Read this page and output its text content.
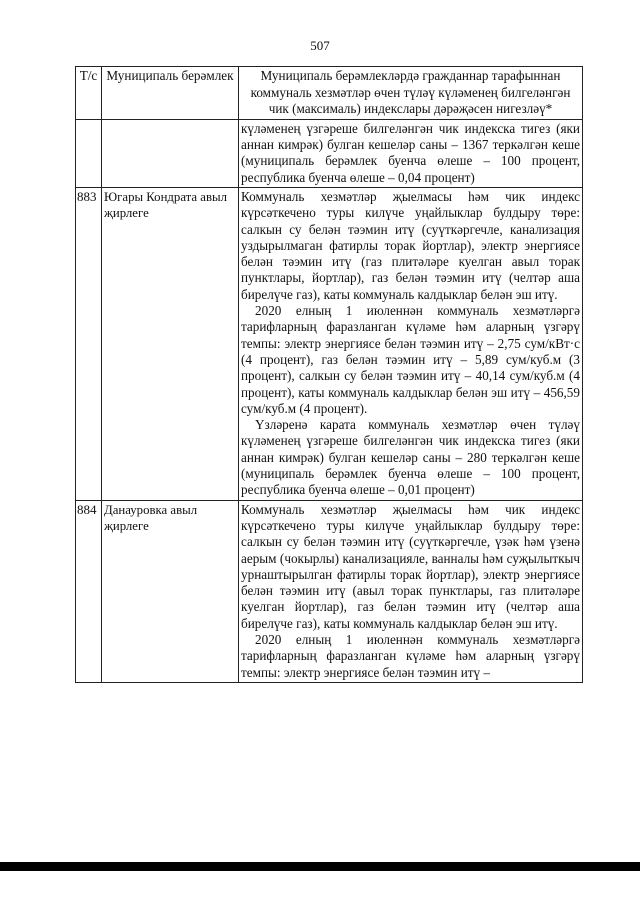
507
Т/с	Муниципаль берәмлек	Муниципаль берәмлекләрдә гражданнар тарафыннан коммуналь хезмәтләр өчен түләү күләменең билгеләнгән чик (максималь) индекслары дәрәҗәсен нигезләү*

		күләменең үзгәреше билгеләнгән чик индекска тигез (яки аннан кимрәк) булган кешеләр саны – 1367 теркәлгән кеше (муниципаль берәмлек буенча өлеше – 100 процент, республика буенча өлеше – 0,04 процент)

883	Югары Кондрата авыл җирлеге	Коммуналь хезмәтләр җыелмасы һәм чик индекс күрсәткечено туры килүче уңайлыклар булдыру төре: салкын су белән тәэмин итү (суүткәргечле, канализация уздырылмаган фатирлы торак йортлар), электр энергиясе белән тәэмин итү (газ плитәләре куелган авыл торак пунктлары, йортлар), газ белән тәэмин итү (челтәр аша бирелүче газ), каты коммуналь калдыклар белән эш итү.

2020 елның 1 июленнән коммуналь хезмәтләргә тарифларның фаразланган күләме һәм аларның үзгәрү темпы: электр энергиясе белән тәэмин итү – 2,75 сум/кВт·с (4 процент), газ белән тәэмин итү – 5,89 сум/куб.м (3 процент), салкын су белән тәэмин итү – 40,14 сум/куб.м (4 процент), каты коммуналь калдыклар белән эш итү – 456,59 сум/куб.м (4 процент).

Үзләренә карата коммуналь хезмәтләр өчен түләү күләменең үзгәреше билгеләнгән чик индекска тигез (яки аннан кимрәк) булган кешеләр саны – 280 теркәлгән кеше (муниципаль берәмлек буенча өлеше – 100 процент, республика буенча өлеше – 0,01 процент)

884	Данауровка авыл җирлеге	Коммуналь хезмәтләр җыелмасы һәм чик индекс күрсәткечено туры килүче уңайлыклар булдыру төре: салкын су белән тәэмин итү (суүткәргечле, үзәк һәм үзенә аерым (чокырлы) канализацияле, ванналы һәм суҗылыткыч урнаштырылган фатирлы торак йортлар), электр энергиясе белән тәэмин итү (авыл торак пунктлары, газ плитәләре куелган йортлар), газ белән тәэмин итү (челтәр аша бирелүче газ), каты коммуналь калдыклар белән эш итү.

2020 елның 1 июленнән коммуналь хезмәтләргә тарифларның фаразланган күләме һәм аларның үзгәрү темпы: электр энергиясе белән тәэмин итү –
